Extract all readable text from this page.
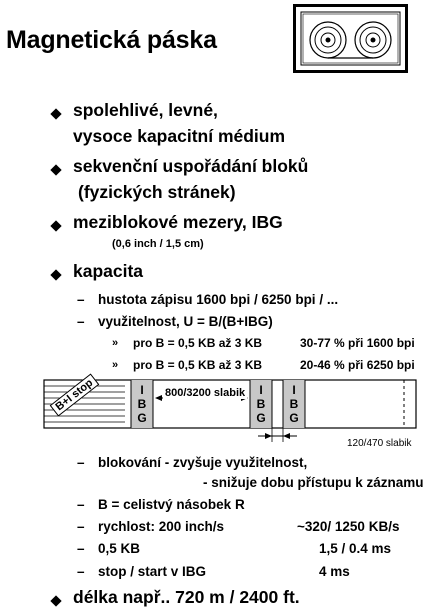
Magnetická páska
spolehlivé, levné,
vysoce kapacitní médium
sekvenční uspořádání bloků
(fyzických stránek)
meziblokové mezery, IBG
(0,6 inch / 1,5 cm)
kapacita
– hustota zápisu 1600 bpi / 6250 bpi / ...
– využitelnost, U = B/(B+IBG)
» pro B = 0,5 KB až 3 KB	30-77 % při 1600 bpi
» pro B = 0,5 KB až 3 KB	20-46 % při 6250 bpi
B+I stop	I
B
G
I
B
G
I
B
G
800/3200 slabik
120/470 slabik
– blokování - zvyšuje využitelnost,
- snižuje dobu přístupu k záznamu
– B = celistvý násobek R
– rychlost: 200 inch/s	~320/ 1250 KB/s
– 0,5 KB	1,5 / 0.4 ms
– stop / start v IBG	4 ms
délka např.. 720 m / 2400 ft.
